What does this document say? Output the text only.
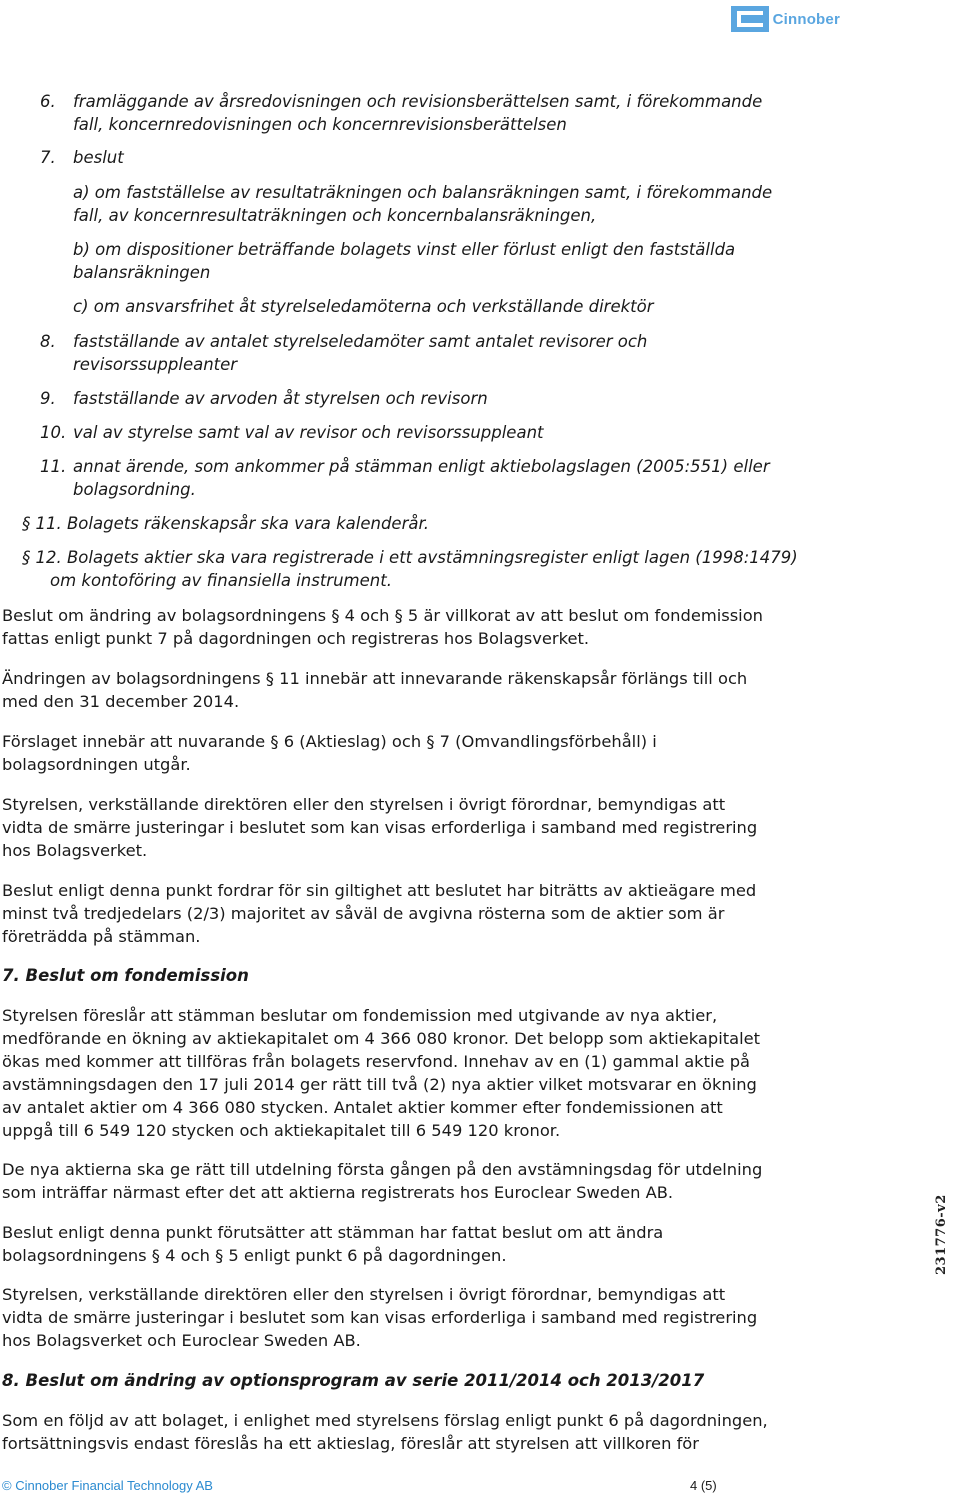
Cinnober
6. framläggande av årsredovisningen och revisionsberättelsen samt, i förekommande
fall, koncernredovisningen och koncernrevisionsberättelsen
7. beslut
a) om fastställelse av resultaträkningen och balansräkningen samt, i förekommande
fall, av koncernresultaträkningen och koncernbalansräkningen,
b) om dispositioner beträffande bolagets vinst eller förlust enligt den fastställda
balansräkningen
c) om ansvarsfrihet åt styrelseledamöterna och verkställande direktör
8. fastställande av antalet styrelseledamöter samt antalet revisorer och
revisorssuppleanter
9. fastställande av arvoden åt styrelsen och revisorn
10. val av styrelse samt val av revisor och revisorssuppleant
11. annat ärende, som ankommer på stämman enligt aktiebolagslagen (2005:551) eller
bolagsordning.
§ 11. Bolagets räkenskapsår ska vara kalenderår.
§ 12. Bolagets aktier ska vara registrerade i ett avstämningsregister enligt lagen (1998:1479)
om kontoföring av finansiella instrument.
Beslut om ändring av bolagsordningens § 4 och § 5 är villkorat av att beslut om fondemission
fattas enligt punkt 7 på dagordningen och registreras hos Bolagsverket.
Ändringen av bolagsordningens § 11 innebär att innevarande räkenskapsår förlängs till och
med den 31 december 2014.
Förslaget innebär att nuvarande § 6 (Aktieslag) och § 7 (Omvandlingsförbehåll) i
bolagsordningen utgår.
Styrelsen, verkställande direktören eller den styrelsen i övrigt förordnar, bemyndigas att
vidta de smärre justeringar i beslutet som kan visas erforderliga i samband med registrering
hos Bolagsverket.
Beslut enligt denna punkt fordrar för sin giltighet att beslutet har biträtts av aktieägare med
minst två tredjedelars (2/3) majoritet av såväl de avgivna rösterna som de aktier som är
företrädda på stämman.
7. Beslut om fondemission
Styrelsen föreslår att stämman beslutar om fondemission med utgivande av nya aktier,
medförande en ökning av aktiekapitalet om 4 366 080 kronor. Det belopp som aktiekapitalet
ökas med kommer att tillföras från bolagets reservfond. Innehav av en (1) gammal aktie på
avstämningsdagen den 17 juli 2014 ger rätt till två (2) nya aktier vilket motsvarar en ökning
av antalet aktier om 4 366 080 stycken. Antalet aktier kommer efter fondemissionen att
uppgå till 6 549 120 stycken och aktiekapitalet till 6 549 120 kronor.
De nya aktierna ska ge rätt till utdelning första gången på den avstämningsdag för utdelning
som inträffar närmast efter det att aktierna registrerats hos Euroclear Sweden AB.
Beslut enligt denna punkt förutsätter att stämman har fattat beslut om att ändra
bolagsordningens § 4 och § 5 enligt punkt 6 på dagordningen.
Styrelsen, verkställande direktören eller den styrelsen i övrigt förordnar, bemyndigas att
vidta de smärre justeringar i beslutet som kan visas erforderliga i samband med registrering
hos Bolagsverket och Euroclear Sweden AB.
8. Beslut om ändring av optionsprogram av serie 2011/2014 och 2013/2017
Som en följd av att bolaget, i enlighet med styrelsens förslag enligt punkt 6 på dagordningen,
fortsättningsvis endast föreslås ha ett aktieslag, föreslår att styrelsen att villkoren för
231776-v2
© Cinnober Financial Technology AB	4 (5)
